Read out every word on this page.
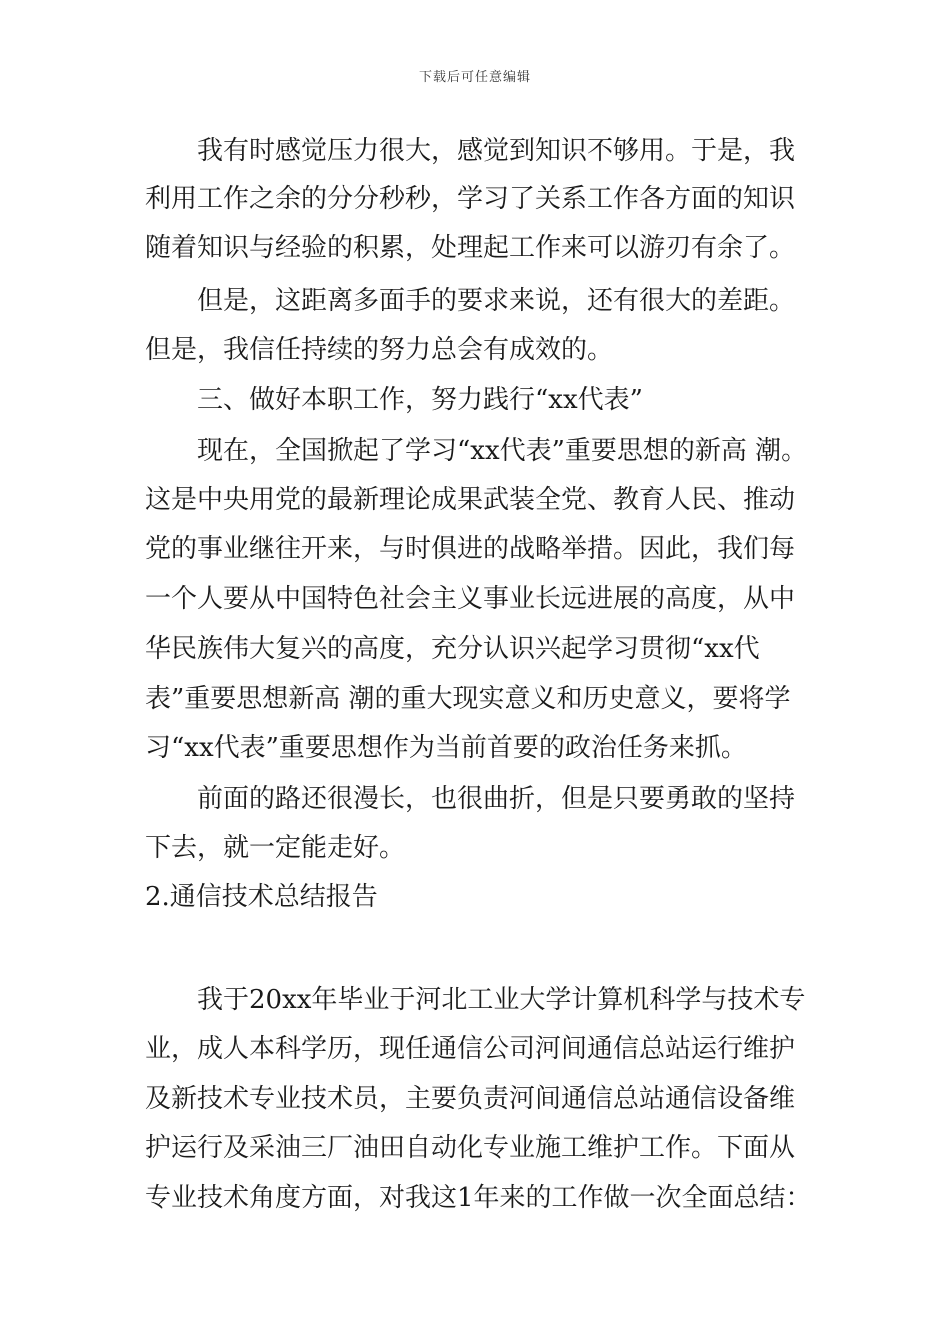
下载后可任意编辑
　　我有时感觉压力很大，感觉到知识不够用。于是，我
利用工作之余的分分秒秒，学习了关系工作各方面的知识
随着知识与经验的积累，处理起工作来可以游刃有余了。
　　但是，这距离多面手的要求来说，还有很大的差距。
但是，我信任持续的努力总会有成效的。
　　三、做好本职工作，努力践行“xx代表”
　　现在，全国掀起了学习“xx代表”重要思想的新高 潮。
这是中央用党的最新理论成果武装全党、教育人民、推动
党的事业继往开来，与时俱进的战略举措。因此，我们每
一个人要从中国特色社会主义事业长远进展的高度，从中
华民族伟大复兴的高度，充分认识兴起学习贯彻“xx代
表”重要思想新高 潮的重大现实意义和历史意义，要将学
习“xx代表”重要思想作为当前首要的政治任务来抓。
　　前面的路还很漫长，也很曲折，但是只要勇敢的坚持
下去，就一定能走好。
2.通信技术总结报告
　　我于20xx年毕业于河北工业大学计算机科学与技术专
业，成人本科学历，现任通信公司河间通信总站运行维护
及新技术专业技术员，主要负责河间通信总站通信设备维
护运行及采油三厂油田自动化专业施工维护工作。下面从
专业技术角度方面，对我这1年来的工作做一次全面总结：
